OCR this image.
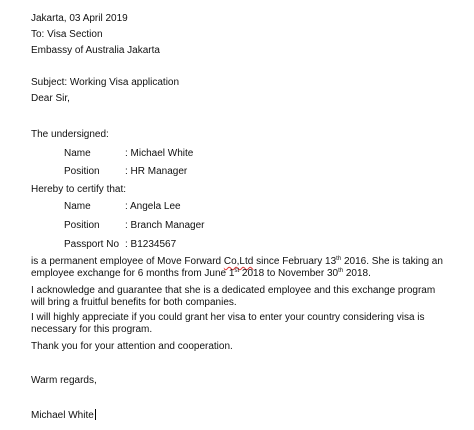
Jakarta, 03 April 2019
To: Visa Section
Embassy of Australia Jakarta
Subject: Working Visa application
Dear Sir,
The undersigned:
Name	: Michael White
Position	: HR Manager
Hereby to certify that:
Name	: Angela Lee
Position	: Branch Manager
Passport No : B1234567
is a permanent employee of Move Forward Co,Ltd since February 13th 2016. She is taking an employee exchange for 6 months from June 1st 2018 to November 30th 2018.
I acknowledge and guarantee that she is a dedicated employee and this exchange program will bring a fruitful benefits for both companies.
I will highly appreciate if you could grant her visa to enter your country considering visa is necessary for this program.
Thank you for your attention and cooperation.
Warm regards,
Michael White
